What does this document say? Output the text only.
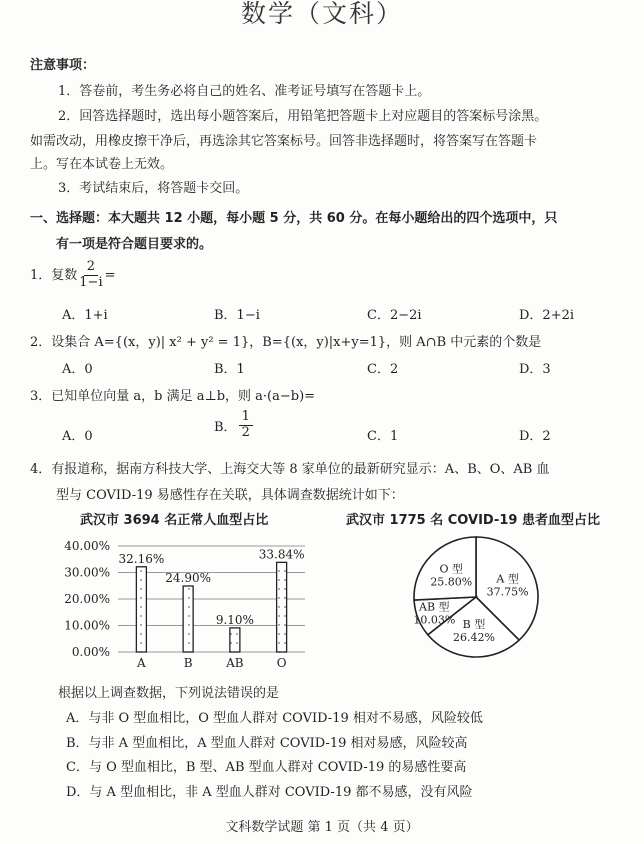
数学（文科）
注意事项：
1．答卷前，考生务必将自己的姓名、准考证号填写在答题卡上。
2．回答选择题时，选出每小题答案后，用铅笔把答题卡上对应题目的答案标号涂黑。
如需改动，用橡皮擦干净后，再选涂其它答案标号。回答非选择题时，将答案写在答题卡
上。写在本试卷上无效。
3．考试结束后，将答题卡交回。
一、选择题：本大题共 12 小题，每小题 5 分，共 60 分。在每小题给出的四个选项中，只
有一项是符合题目要求的。
1．复数 $\frac{2}{1-i}$ =
A．1+i	B．1−i	C．2−2i	D．2+2i
2．设集合 A={(x，y)| x² + y² = 1}，B={(x，y)|x+y=1}，则 A∩B 中元素的个数是
A．0	B．1	C．2	D．3
3．已知单位向量 a，b 满足 a⊥b，则 a·(a−b)=
A．0
B． $\frac{1}{2}$	C．1	D．2
4．有报道称，据南方科技大学、上海交大等 8 家单位的最新研究显示：A、B、O、AB 血
型与 COVID-19 易感性存在关联，具体调查数据统计如下：
武汉市 3694 名正常人血型占比	武汉市 1775 名 COVID-19 患者血型占比
0.00%
10.00%
20.00%
30.00%
40.00%
32.16%
A
24.90%
B
9.10%
AB
33.84%
O
A 型
37.75%
B 型
26.42%
AB 型
10.03%
O 型
25.80%
根据以上调查数据，下列说法错误的是
A．与非 O 型血相比，O 型血人群对 COVID-19 相对不易感，风险较低
B．与非 A 型血相比，A 型血人群对 COVID-19 相对易感，风险较高
C．与 O 型血相比，B 型、AB 型血人群对 COVID-19 的易感性要高
D．与 A 型血相比，非 A 型血人群对 COVID-19 都不易感，没有风险
文科数学试题 第 1 页（共 4 页）
